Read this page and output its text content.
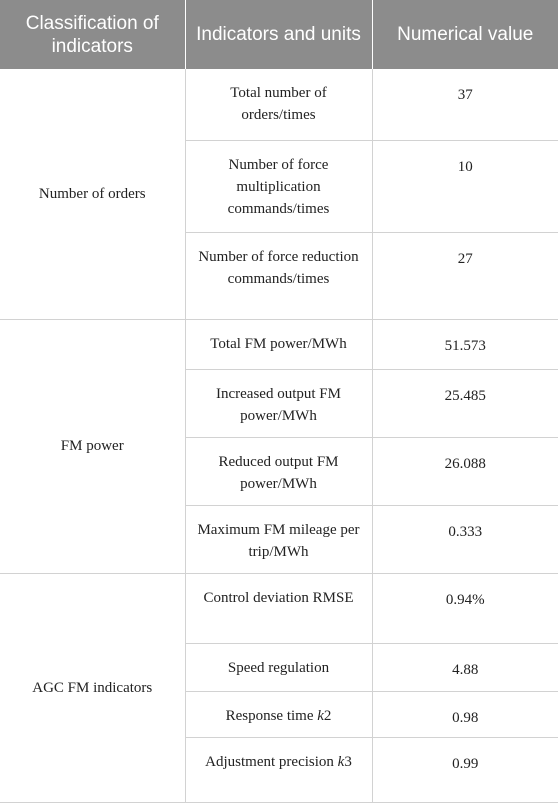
Classification of indicators	Indicators and units	Numerical value
Number of orders	Total number of orders/times	37
	Number of force multiplication commands/times	10
	Number of force reduction commands/times	27
FM power	Total FM power/MWh	51.573
	Increased output FM power/MWh	25.485
	Reduced output FM power/MWh	26.088
	Maximum FM mileage per trip/MWh	0.333
AGC FM indicators	Control deviation RMSE	0.94%
	Speed regulation	4.88
	Response time k2	0.98
	Adjustment precision k3	0.99
